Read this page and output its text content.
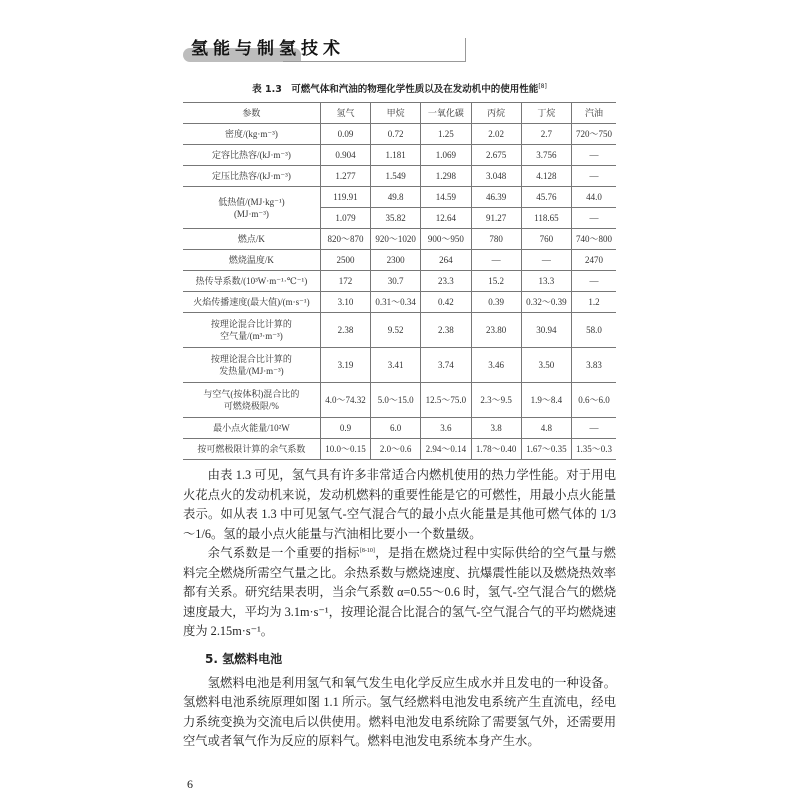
氢能与制氢技术
表 1.3　可燃气体和汽油的物理化学性质以及在发动机中的使用性能[8]
参数	氢气	甲烷	一氧化碳	丙烷	丁烷	汽油

密度/(kg·m⁻³)	0.09	0.72	1.25	2.02	2.7	720～750

定容比热容/(kJ·m⁻³)	0.904	1.181	1.069	2.675	3.756	—

定压比热容/(kJ·m⁻³)	1.277	1.549	1.298	3.048	4.128	—

低热值/(MJ·kg⁻¹)
(MJ·m⁻³)	119.91	49.8	14.59	46.39	45.76	44.0
	1.079	35.82	12.64	91.27	118.65	—

燃点/K	820～870	920～1020	900～950	780	760	740～800

燃烧温度/K	2500	2300	264	—	—	2470

热传导系数/(10³W·m⁻¹·℃⁻¹)	172	30.7	23.3	15.2	13.3	—

火焰传播速度(最大值)/(m·s⁻¹)	3.10	0.31～0.34	0.42	0.39	0.32～0.39	1.2

按理论混合比计算的
空气量/(m³·m⁻³)	2.38	9.52	2.38	23.80	30.94	58.0

按理论混合比计算的
发热量/(MJ·m⁻³)	3.19	3.41	3.74	3.46	3.50	3.83

与空气(按体积)混合比的
可燃烧极限/%	4.0～74.32	5.0～15.0	12.5～75.0	2.3～9.5	1.9～8.4	0.6～6.0

最小点火能量/10²W	0.9	6.0	3.6	3.8	4.8	—

按可燃极限计算的余气系数	10.0～0.15	2.0～0.6	2.94～0.14	1.78～0.40	1.67～0.35	1.35～0.3

由表 1.3 可见，氢气具有许多非常适合内燃机使用的热力学性能。对于用电火花点火的发动机来说，发动机燃料的重要性能是它的可燃性，用最小点火能量表示。如从表 1.3 中可见氢气-空气混合气的最小点火能量是其他可燃气体的 1/3～1/6。氢的最小点火能量与汽油相比要小一个数量级。

余气系数是一个重要的指标[8-10]，是指在燃烧过程中实际供给的空气量与燃料完全燃烧所需空气量之比。余热系数与燃烧速度、抗爆震性能以及燃烧热效率都有关系。研究结果表明，当余气系数 α=0.55～0.6 时，氢气-空气混合气的燃烧速度最大，平均为 3.1m·s⁻¹，按理论混合比混合的氢气-空气混合气的平均燃烧速度为 2.15m·s⁻¹。

5. 氢燃料电池

氢燃料电池是利用氢气和氧气发生电化学反应生成水并且发电的一种设备。氢燃料电池系统原理如图 1.1 所示。氢气经燃料电池发电系统产生直流电，经电力系统变换为交流电后以供使用。燃料电池发电系统除了需要氢气外，还需要用空气或者氧气作为反应的原料气。燃料电池发电系统本身产生水。

6
